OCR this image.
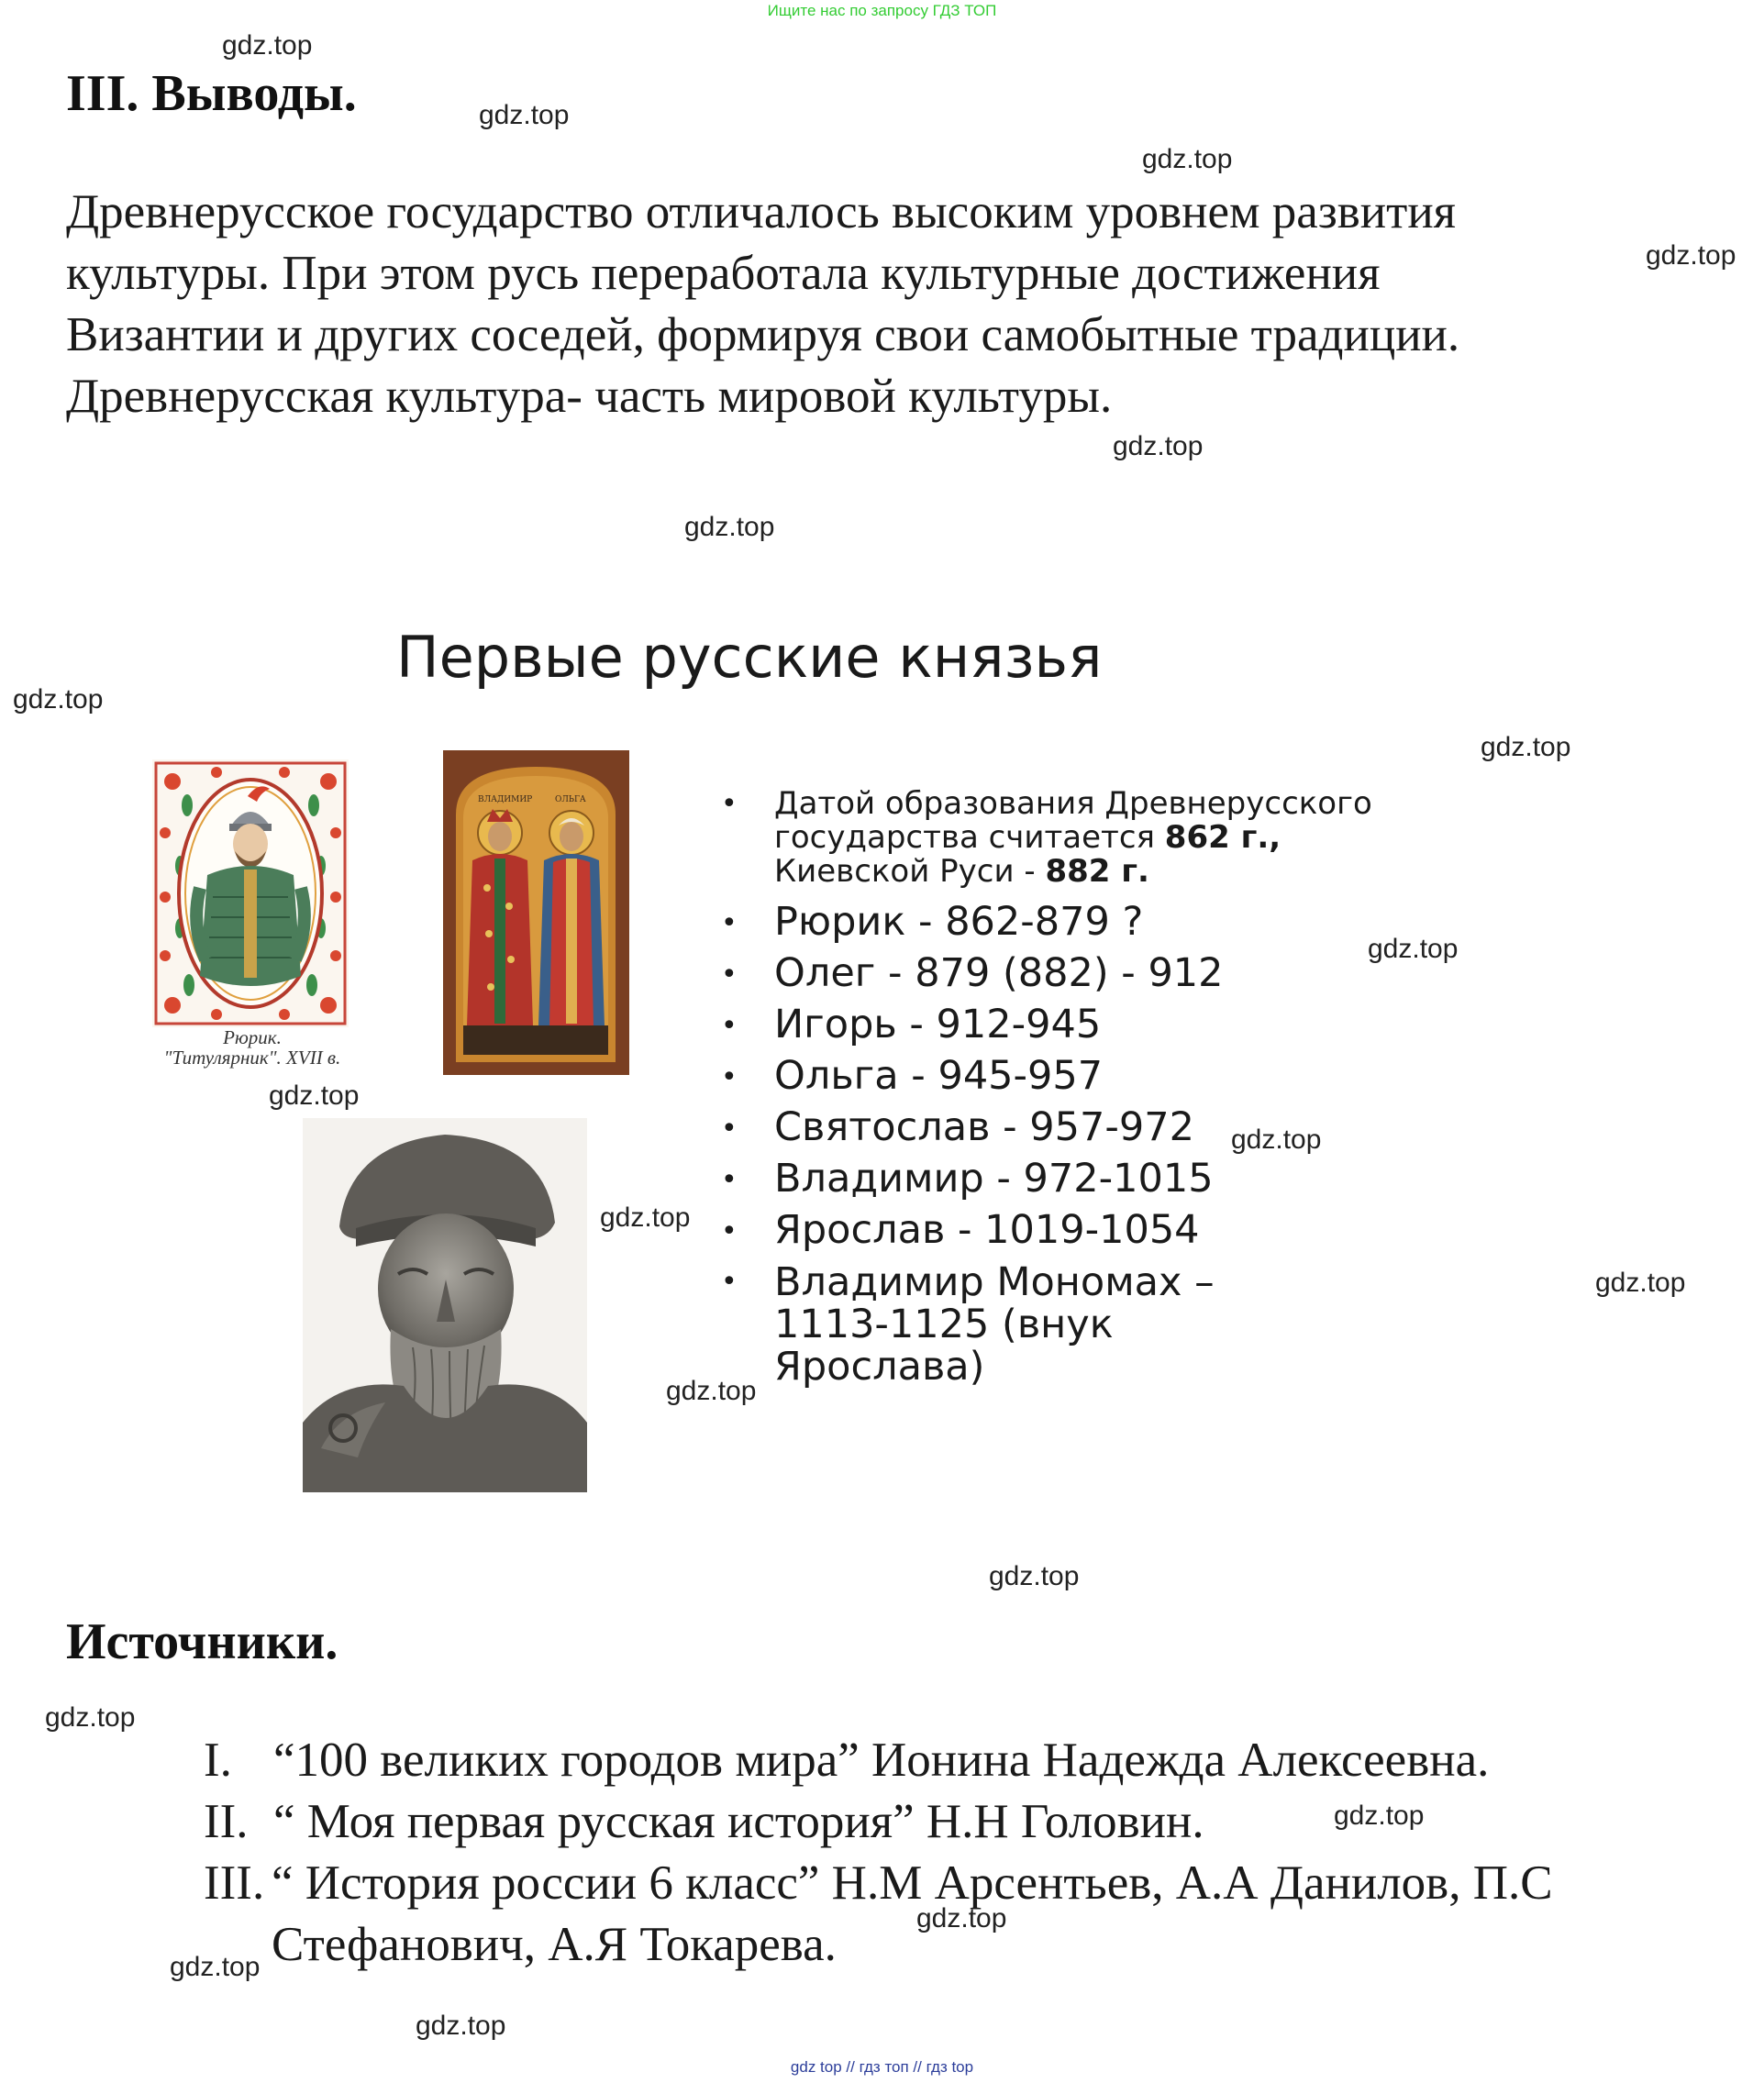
Ищите нас по запросу ГДЗ ТОП
gdz.top
gdz.top
gdz.top
gdz.top
gdz.top
gdz.top
gdz.top
gdz.top
gdz.top
gdz.top
gdz.top
gdz.top
gdz.top
gdz.top
gdz.top
gdz.top
gdz.top
gdz.top
gdz.top
gdz.top
III. Выводы.
Древнерусское государство отличалось высоким уровнем развития
культуры. При этом русь переработала культурные достижения
Византии и других соседей, формируя свои самобытные традиции.
Древнерусская культура- часть мировой культуры.
Первые русские князья
Рюрик.
"Титулярник". XVII в.
ВЛАДИМИР	ОЛЬГА
•	Датой образования Древнерусского государства считается 862 г., Киевской Руси - 882 г.
• Рюрик - 862-879 ?
• Олег - 879 (882) - 912
• Игорь - 912-945
• Ольга - 945-957
• Святослав - 957-972
• Владимир - 972-1015
• Ярослав - 1019-1054
• Владимир Мономах –
1113-1125 (внук
Ярослава)
Источники.
I. “100 великих городов мира” Ионина Надежда Алексеевна.
II. “ Моя первая русская история” Н.Н Головин.
III. “ История россии 6 класс” Н.М Арсентьев, А.А Данилов, П.С Стефанович, А.Я Токарева.
gdz top // гдз топ // гдз top
